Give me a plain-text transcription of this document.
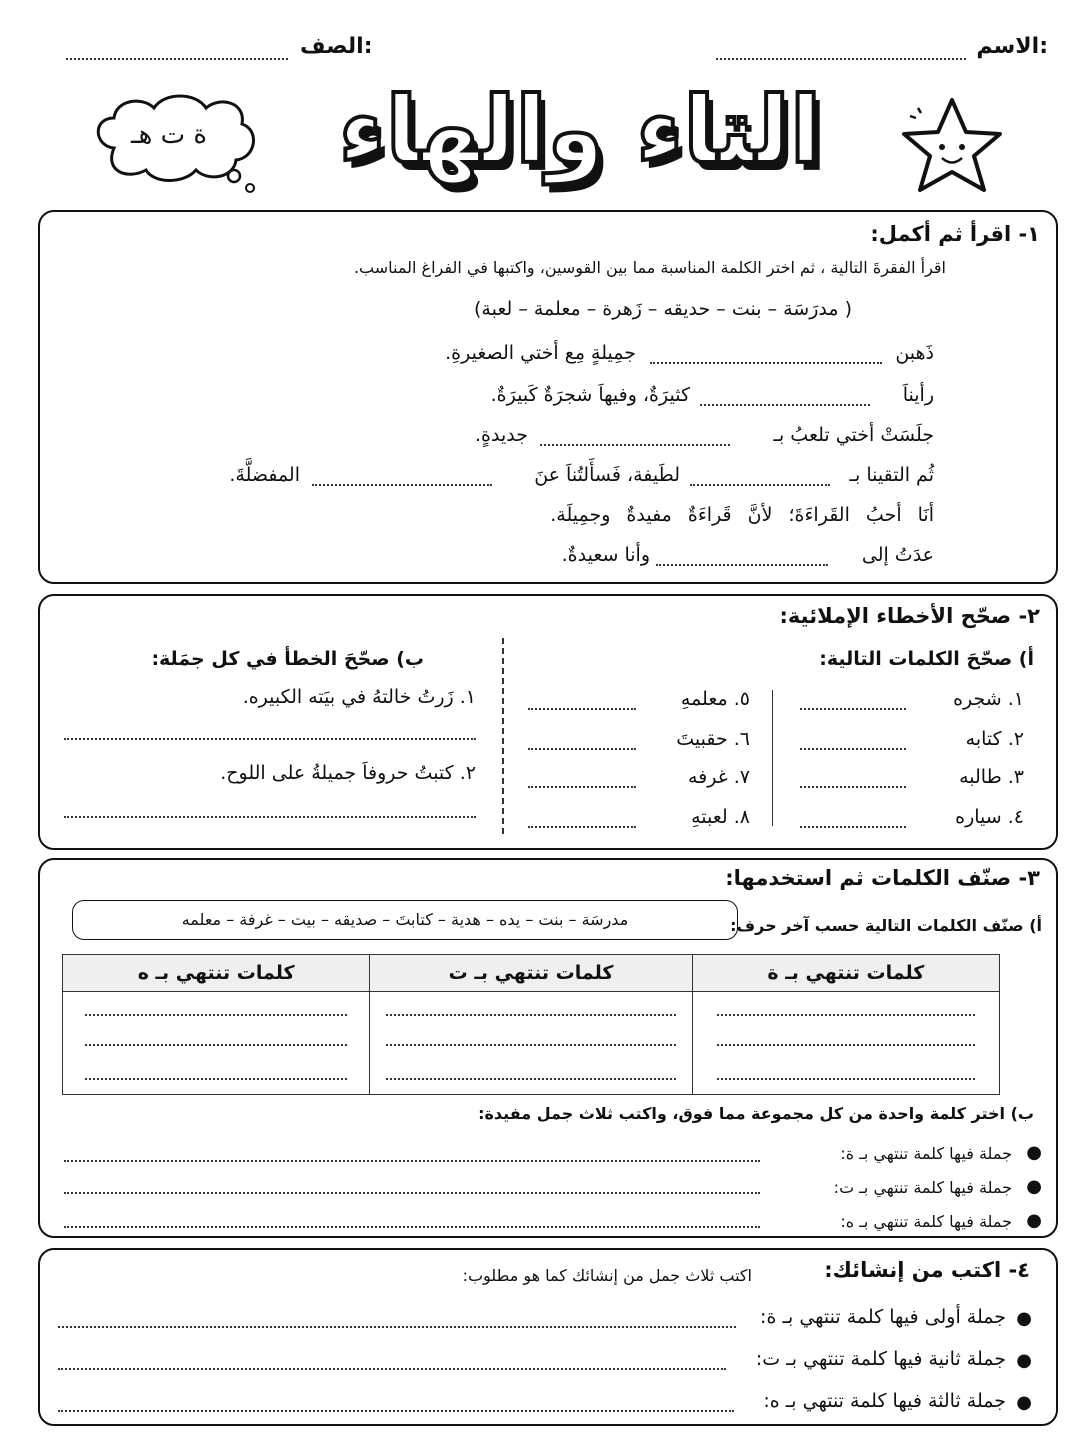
الاسم:
الصف:
التاء والهاء
ة ت هـ
١- اقرأ ثم أكمل:
اقرأ الفقرةَ التالية ، ثم اختر الكلمة المناسبة مما بين القوسين، واكتبها في الفراغ المناسب.
( مدرَسَة – بنت – حديقه – زَهرة – معلمة – لعبة)
ذَهبن
جمِيلةٍ مِع أختي الصغيرةِ.
رأيناَ
كثيرَةٌ، وفيهاَ شجرَةٌ كَبيرَةٌ.
جلَسَتْ أختي تلعبُ بـ
جديدةٍ.
ثُم التقينا بـ
لطَيفة، فَسأَلتُناَ عنَ
المفضلَّةَ.
أنَا أحبُ القَراءَةَ؛ لأنَّ قَراءَةٌ مفيدةٌ وجمِيلَة.
عدَتُ إلى
وأنا سعيدةٌ.
٢- صحّح الأخطاء الإملائية:
أ) صحّحَ الكلمات التالية:
ب) صحّحَ الخطأ في كل جمَلة:
١. شجره
٢. كتابه
٣. طالبه
٤. سياره
٥. معلمهِ
٦. حقبيتَ
٧. غرفه
٨. لعبتهِ
١. زَرتُ خالتهُ في بيَته الكبيره.
٢. كتبتُ حروفاَ جميلةُ على اللوح.
٣- صنّف الكلمات ثم استخدمها:
أ) صنّف الكلمات التالية حسب آخر حرف:
مدرسَة – بنت – يده – هدية – كتابتَ – صديقه – بيت – غرفة – معلمه
كلمات تنتهي بـ ة	كلمات تنتهي بـ ت	كلمات تنتهي بـ ه

ب) اختر كلمة واحدة من كل مجموعة مما فوق، واكتب ثلاث جمل مفيدة:
●
جملة فيها كلمة تنتهي بـ ة:
●
جملة فيها كلمة تنتهي بـ ت:
●
جملة فيها كلمة تنتهي بـ ه:
٤- اكتب من إنشائك:
اكتب ثلاث جمل من إنشائك كما هو مطلوب:
●
جملة أولى فيها كلمة تنتهي بـ ة:
●
جملة ثانية فيها كلمة تنتهي بـ ت:
●
جملة ثالثة فيها كلمة تنتهي بـ ه:
